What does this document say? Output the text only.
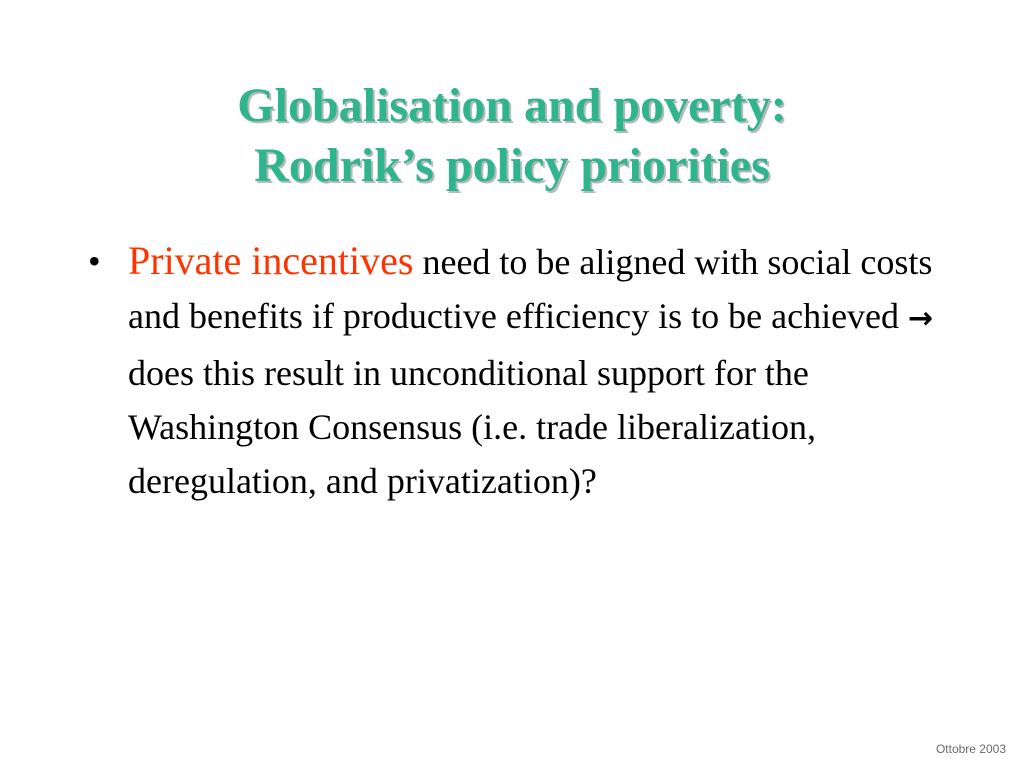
Globalisation and poverty:
Rodrik’s policy priorities
• Private incentives need to be aligned with social costs and benefits if productive efficiency is to be achieved → does this result in unconditional support for the Washington Consensus (i.e. trade liberalization, deregulation, and privatization)?
Ottobre 2003
